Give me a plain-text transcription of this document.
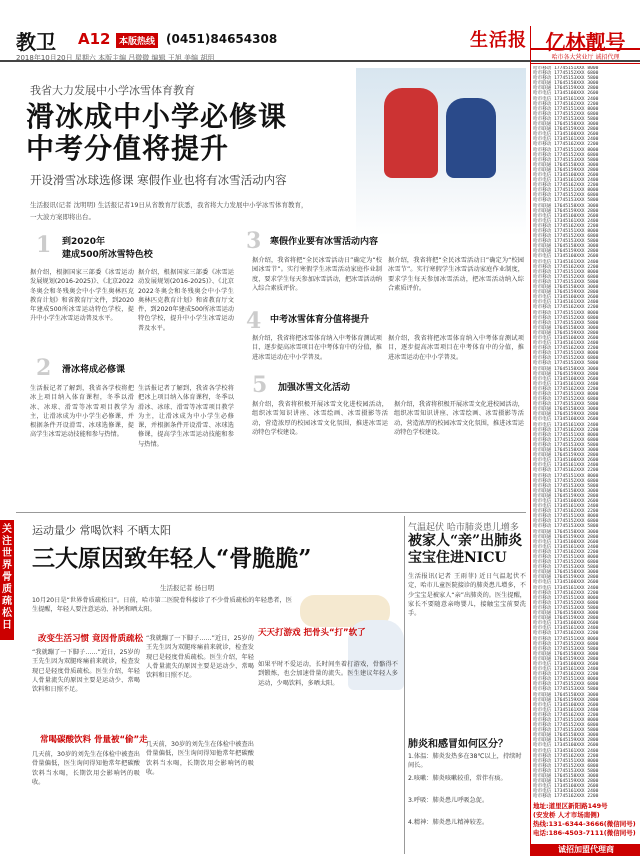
教卫 A12 本版热线 (0451)84654308
2018年10月20日 星期六 本版主编 吕微微 编辑 王旭 美编 胡玥
生活报
我省大力发展中小学冰雪体育教育
滑冰成中小学必修课
中考分值将提升
开设滑雪冰球选修课 寒假作业也将有冰雪活动内容
生活报讯(记者 沈明明) 生活报记者19日从省教育厅获悉，我省将大力发展中小学冰雪体育教育，
一大波方案即将出台。
1 到2020年
建成500所冰雪特色校
据介绍，根据国家三部委《冰雪运动发展规划(2016-2025)》、《北京2022冬奥会和冬残奥会中小学生奥林匹克教育计划》和省教育厅文件，到2020年建成500所冰雪运动特色学校，提升中小学生冰雪运动普及水平。
据介绍，根据国家三部委《冰雪运动发展规划(2016-2025)》、《北京2022冬奥会和冬残奥会中小学生奥林匹克教育计划》和省教育厅文件，到2020年建成500所冰雪运动特色学校，提升中小学生冰雪运动普及水平。
2 滑冰将成必修课
生活报记者了解到，我省各学校将把冰上项目纳入体育课程，冬季以滑冰、冰球、滑雪等冰雪项目教学为主，让滑冰成为中小学生必修课，并根据条件开设滑雪、冰球选修课，提高学生冰雪运动技能和参与热情。
生活报记者了解到，我省各学校将把冰上项目纳入体育课程，冬季以滑冰、冰球、滑雪等冰雪项目教学为主，让滑冰成为中小学生必修课，并根据条件开设滑雪、冰球选修课，提高学生冰雪运动技能和参与热情。
3 寒假作业要有冰雪活动内容
据介绍，我省将把“全民冰雪活动日”确定为“校园冰雪节”。实行寒假学生冰雪活动家庭作业制度，要求学生每天参加冰雪活动，把冰雪活动纳入综合素质评价。
据介绍，我省将把“全民冰雪活动日”确定为“校园冰雪节”。实行寒假学生冰雪活动家庭作业制度，要求学生每天参加冰雪活动，把冰雪活动纳入综合素质评价。
4 中考冰雪体育分值将提升
据介绍，我省将把冰雪体育纳入中考体育测试项目，逐步提高冰雪项目在中考体育中的分值，推进冰雪运动在中小学普及。
据介绍，我省将把冰雪体育纳入中考体育测试项目，逐步提高冰雪项目在中考体育中的分值，推进冰雪运动在中小学普及。
5 加强冰雪文化活动
据介绍，我省将积极开展冰雪文化进校园活动，组织冰雪知识讲座、冰雪绘画、冰雪摄影等活动，营造浓厚的校园冰雪文化氛围，推进冰雪运动特色学校建设。
据介绍，我省将积极开展冰雪文化进校园活动，组织冰雪知识讲座、冰雪绘画、冰雪摄影等活动，营造浓厚的校园冰雪文化氛围，推进冰雪运动特色学校建设。
关注世界骨质疏松日
运动量少 常喝饮料 不晒太阳
三大原因致年轻人“骨脆脆”
生活报记者 杨日明
10月20日是“世界骨质疏松日”。日前，哈市第二医院骨科接诊了不少骨质疏松的年轻患者，医生提醒，年轻人要注意运动、补钙和晒太阳。
改变生活习惯 竟因骨质疏松
“我就蹦了一下脚子……”近日，25岁的王先生因为双腿疼痛前来就诊，检查发现已是轻度骨质疏松。医生介绍，年轻人骨量流失的原因主要是运动少、常喝饮料和日照不足。
“我就蹦了一下脚子……”近日，25岁的王先生因为双腿疼痛前来就诊，检查发现已是轻度骨质疏松。医生介绍，年轻人骨量流失的原因主要是运动少、常喝饮料和日照不足。
常喝碳酸饮料 骨量被“偷”走
几天前，30岁的刘先生在体检中被查出骨量偏低，医生询问得知他常年把碳酸饮料当水喝，长期饮用会影响钙的吸收。
几天前，30岁的刘先生在体检中被查出骨量偏低，医生询问得知他常年把碳酸饮料当水喝，长期饮用会影响钙的吸收。
天天打游戏 把骨头“打”软了
如果平时不爱运动，长时间坐着打游戏，骨骼得不到锻炼，也会加速骨量的流失。医生建议年轻人多运动，少喝饮料，多晒太阳。
气温起伏 哈市肺炎患儿增多
被家人“亲”出肺炎 宝宝住进NICU
生活报讯(记者 王雨菲) 近日气温起伏不定，哈市儿童医院接诊的肺炎患儿增多，不少宝宝是被家人“亲”出肺炎的。医生提醒，家长不要随意亲吻婴儿，接触宝宝前要洗手。
肺炎和感冒如何区分？
1.体温：肺炎发热多在38℃以上，持续时间长。
2.咳嗽：肺炎咳嗽较重，常伴有痰。
3.呼吸：肺炎患儿呼吸急促。
4.精神：肺炎患儿精神较差。
亿林靓号
哈市各大营业厅 诚招代理
哈市移动 17745151XXX 8000
哈市移动 17745152XXX 6800
哈市移动 17745153XXX 5800
哈市联通 17645158XXX 3000
哈市联通 17645159XXX 2800
哈市电信 17345160XXX 2600
哈市电信 17345161XXX 2400
哈市移动 17745162XXX 2200
哈市移动 17745151XXX 8000
哈市移动 17745152XXX 6800
哈市移动 17745153XXX 5800
哈市联通 17645158XXX 3000
哈市联通 17645159XXX 2800
哈市电信 17345160XXX 2600
哈市电信 17345161XXX 2400
哈市移动 17745162XXX 2200
哈市移动 17745151XXX 8000
哈市移动 17745152XXX 6800
哈市移动 17745153XXX 5800
哈市联通 17645158XXX 3000
哈市联通 17645159XXX 2800
哈市电信 17345160XXX 2600
哈市电信 17345161XXX 2400
哈市移动 17745162XXX 2200
哈市移动 17745151XXX 8000
哈市移动 17745152XXX 6800
哈市移动 17745153XXX 5800
哈市联通 17645158XXX 3000
哈市联通 17645159XXX 2800
哈市电信 17345160XXX 2600
哈市电信 17345161XXX 2400
哈市移动 17745162XXX 2200
哈市移动 17745151XXX 8000
哈市移动 17745152XXX 6800
哈市移动 17745153XXX 5800
哈市联通 17645158XXX 3000
哈市联通 17645159XXX 2800
哈市电信 17345160XXX 2600
哈市电信 17345161XXX 2400
哈市移动 17745162XXX 2200
哈市移动 17745151XXX 8000
哈市移动 17745152XXX 6800
哈市移动 17745153XXX 5800
哈市联通 17645158XXX 3000
哈市联通 17645159XXX 2800
哈市电信 17345160XXX 2600
哈市电信 17345161XXX 2400
哈市移动 17745162XXX 2200
哈市移动 17745151XXX 8000
哈市移动 17745152XXX 6800
哈市移动 17745153XXX 5800
哈市联通 17645158XXX 3000
哈市联通 17645159XXX 2800
哈市电信 17345160XXX 2600
哈市电信 17345161XXX 2400
哈市移动 17745162XXX 2200
哈市移动 17745151XXX 8000
哈市移动 17745152XXX 6800
哈市移动 17745153XXX 5800
哈市联通 17645158XXX 3000
哈市联通 17645159XXX 2800
哈市电信 17345160XXX 2600
哈市电信 17345161XXX 2400
哈市移动 17745162XXX 2200
哈市移动 17745151XXX 8000
哈市移动 17745152XXX 6800
哈市移动 17745153XXX 5800
哈市联通 17645158XXX 3000
哈市联通 17645159XXX 2800
哈市电信 17345160XXX 2600
哈市电信 17345161XXX 2400
哈市移动 17745162XXX 2200
哈市移动 17745151XXX 8000
哈市移动 17745152XXX 6800
哈市移动 17745153XXX 5800
哈市联通 17645158XXX 3000
哈市联通 17645159XXX 2800
哈市电信 17345160XXX 2600
哈市电信 17345161XXX 2400
哈市移动 17745162XXX 2200
哈市移动 17745151XXX 8000
哈市移动 17745152XXX 6800
哈市移动 17745153XXX 5800
哈市联通 17645158XXX 3000
哈市联通 17645159XXX 2800
哈市电信 17345160XXX 2600
哈市电信 17345161XXX 2400
哈市移动 17745162XXX 2200
哈市移动 17745151XXX 8000
哈市移动 17745152XXX 6800
哈市移动 17745153XXX 5800
哈市联通 17645158XXX 3000
哈市联通 17645159XXX 2800
哈市电信 17345160XXX 2600
哈市电信 17345161XXX 2400
哈市移动 17745162XXX 2200
哈市移动 17745151XXX 8000
哈市移动 17745152XXX 6800
哈市移动 17745153XXX 5800
哈市联通 17645158XXX 3000
哈市联通 17645159XXX 2800
哈市电信 17345160XXX 2600
哈市电信 17345161XXX 2400
哈市移动 17745162XXX 2200
哈市移动 17745151XXX 8000
哈市移动 17745152XXX 6800
哈市移动 17745153XXX 5800
哈市联通 17645158XXX 3000
哈市联通 17645159XXX 2800
哈市电信 17345160XXX 2600
哈市电信 17345161XXX 2400
哈市移动 17745162XXX 2200
哈市移动 17745151XXX 8000
哈市移动 17745152XXX 6800
哈市移动 17745153XXX 5800
哈市联通 17645158XXX 3000
哈市联通 17645159XXX 2800
哈市电信 17345160XXX 2600
哈市电信 17345161XXX 2400
哈市移动 17745162XXX 2200
哈市移动 17745151XXX 8000
哈市移动 17745152XXX 6800
哈市移动 17745153XXX 5800
哈市联通 17645158XXX 3000
哈市联通 17645159XXX 2800
哈市电信 17345160XXX 2600
哈市电信 17345161XXX 2400
哈市移动 17745162XXX 2200
哈市移动 17745151XXX 8000
哈市移动 17745152XXX 6800
哈市移动 17745153XXX 5800
哈市联通 17645158XXX 3000
哈市联通 17645159XXX 2800
哈市电信 17345160XXX 2600
哈市电信 17345161XXX 2400
哈市移动 17745162XXX 2200
哈市移动 17745151XXX 8000
哈市移动 17745152XXX 6800
哈市移动 17745153XXX 5800
哈市联通 17645158XXX 3000
哈市联通 17645159XXX 2800
哈市电信 17345160XXX 2600
哈市电信 17345161XXX 2400
哈市移动 17745162XXX 2200
地址:道里区新阳路149号
(安发桥 人才市场南侧)
热线:131-6344-3666(微信同号)
电话:186-4503-7111(微信同号)
诚招加盟代理商
